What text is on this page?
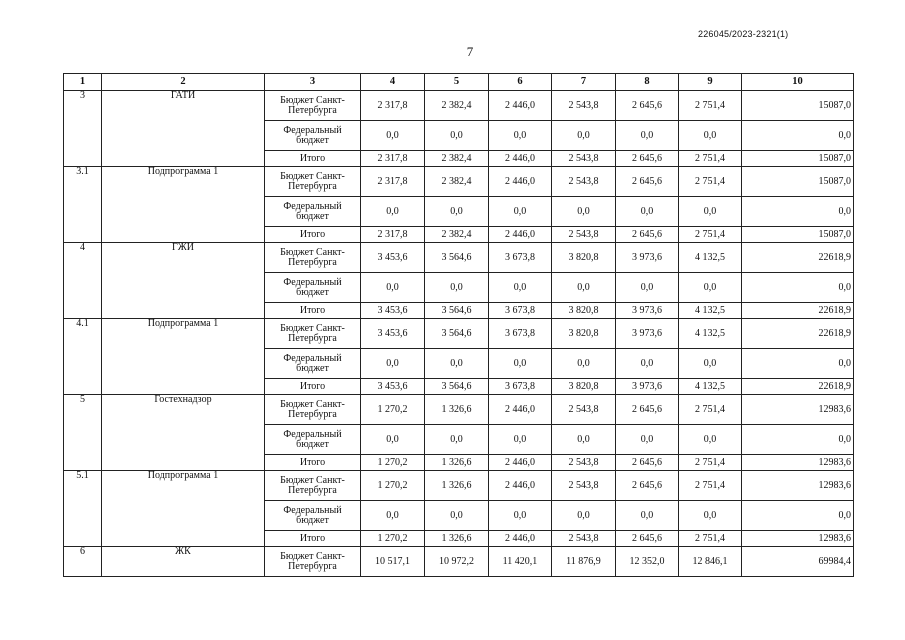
226045/2023-2321(1)
7
1	2	3	4	5	6	7	8	9	10
3	ГАТИ	Бюджет Санкт-Петербурга	2 317,8	2 382,4	2 446,0	2 543,8	2 645,6	2 751,4	15087,0
		Федеральный бюджет	0,0	0,0	0,0	0,0	0,0	0,0	0,0
		Итого	2 317,8	2 382,4	2 446,0	2 543,8	2 645,6	2 751,4	15087,0
3.1	Подпрограмма 1	Бюджет Санкт-Петербурга	2 317,8	2 382,4	2 446,0	2 543,8	2 645,6	2 751,4	15087,0
		Федеральный бюджет	0,0	0,0	0,0	0,0	0,0	0,0	0,0
		Итого	2 317,8	2 382,4	2 446,0	2 543,8	2 645,6	2 751,4	15087,0
4	ГЖИ	Бюджет Санкт-Петербурга	3 453,6	3 564,6	3 673,8	3 820,8	3 973,6	4 132,5	22618,9
		Федеральный бюджет	0,0	0,0	0,0	0,0	0,0	0,0	0,0
		Итого	3 453,6	3 564,6	3 673,8	3 820,8	3 973,6	4 132,5	22618,9
4.1	Подпрограмма 1	Бюджет Санкт-Петербурга	3 453,6	3 564,6	3 673,8	3 820,8	3 973,6	4 132,5	22618,9
		Федеральный бюджет	0,0	0,0	0,0	0,0	0,0	0,0	0,0
		Итого	3 453,6	3 564,6	3 673,8	3 820,8	3 973,6	4 132,5	22618,9
5	Гостехнадзор	Бюджет Санкт-Петербурга	1 270,2	1 326,6	2 446,0	2 543,8	2 645,6	2 751,4	12983,6
		Федеральный бюджет	0,0	0,0	0,0	0,0	0,0	0,0	0,0
		Итого	1 270,2	1 326,6	2 446,0	2 543,8	2 645,6	2 751,4	12983,6
5.1	Подпрограмма 1	Бюджет Санкт-Петербурга	1 270,2	1 326,6	2 446,0	2 543,8	2 645,6	2 751,4	12983,6
		Федеральный бюджет	0,0	0,0	0,0	0,0	0,0	0,0	0,0
		Итого	1 270,2	1 326,6	2 446,0	2 543,8	2 645,6	2 751,4	12983,6
6	ЖК	Бюджет Санкт-Петербурга	10 517,1	10 972,2	11 420,1	11 876,9	12 352,0	12 846,1	69984,4
